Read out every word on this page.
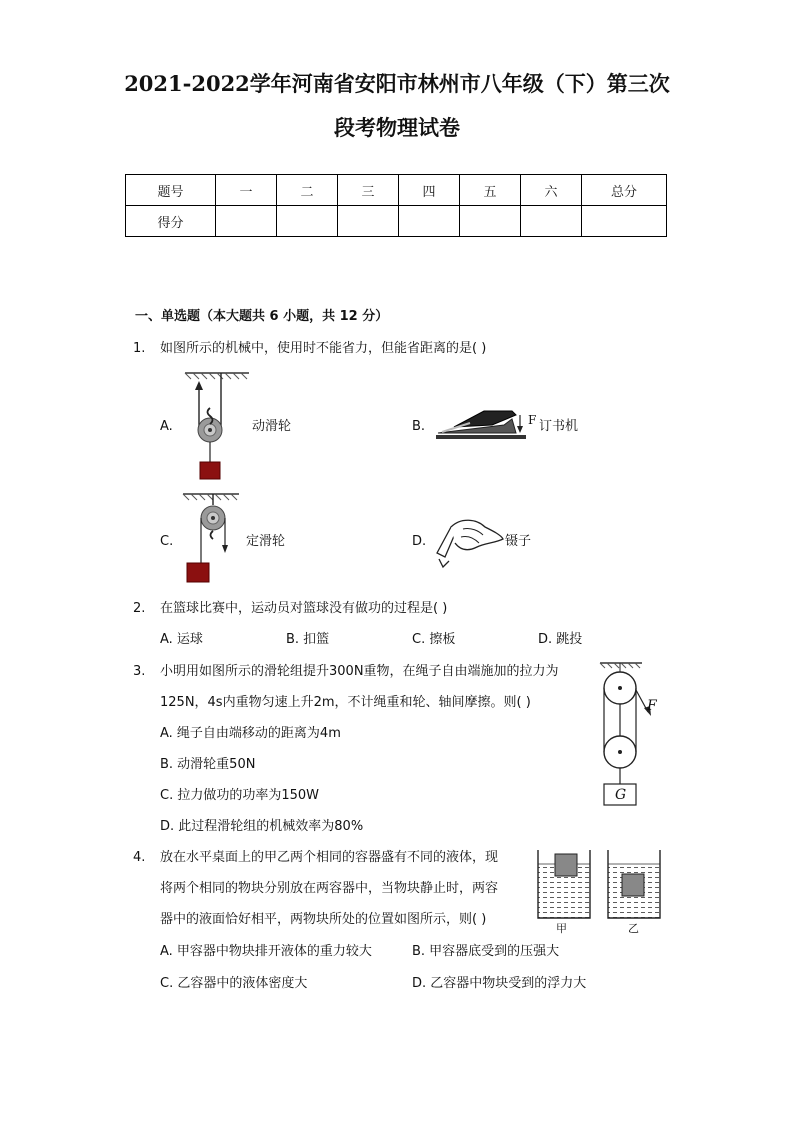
2021-2022学年河南省安阳市林州市八年级（下）第三次
段考物理试卷
题号	一	二	三	四	五	六	总分
得分							
一、单选题（本大题共 6 小题，共 12 分）
1. 如图所示的机械中，使用时不能省力，但能省距离的是( )
A.	动滑轮	B.	F 订书机
C.	定滑轮	D.	镊子
2. 在篮球比赛中，运动员对篮球没有做功的过程是( )
A. 运球	B. 扣篮	C. 擦板	D. 跳投
3. 小明用如图所示的滑轮组提升300N重物，在绳子自由端施加的拉力为
125N，4s内重物匀速上升2m，不计绳重和轮、轴间摩擦。则( )
A. 绳子自由端移动的距离为4m
B. 动滑轮重50N
C. 拉力做功的功率为150W
D. 此过程滑轮组的机械效率为80%
F
G
4. 放在水平桌面上的甲乙两个相同的容器盛有不同的液体，现
将两个相同的物块分别放在两容器中，当物块静止时，两容
器中的液面恰好相平，两物块所处的位置如图所示，则( )
A. 甲容器中物块排开液体的重力较大	B. 甲容器底受到的压强大
C. 乙容器中的液体密度大	D. 乙容器中物块受到的浮力大
甲	乙
